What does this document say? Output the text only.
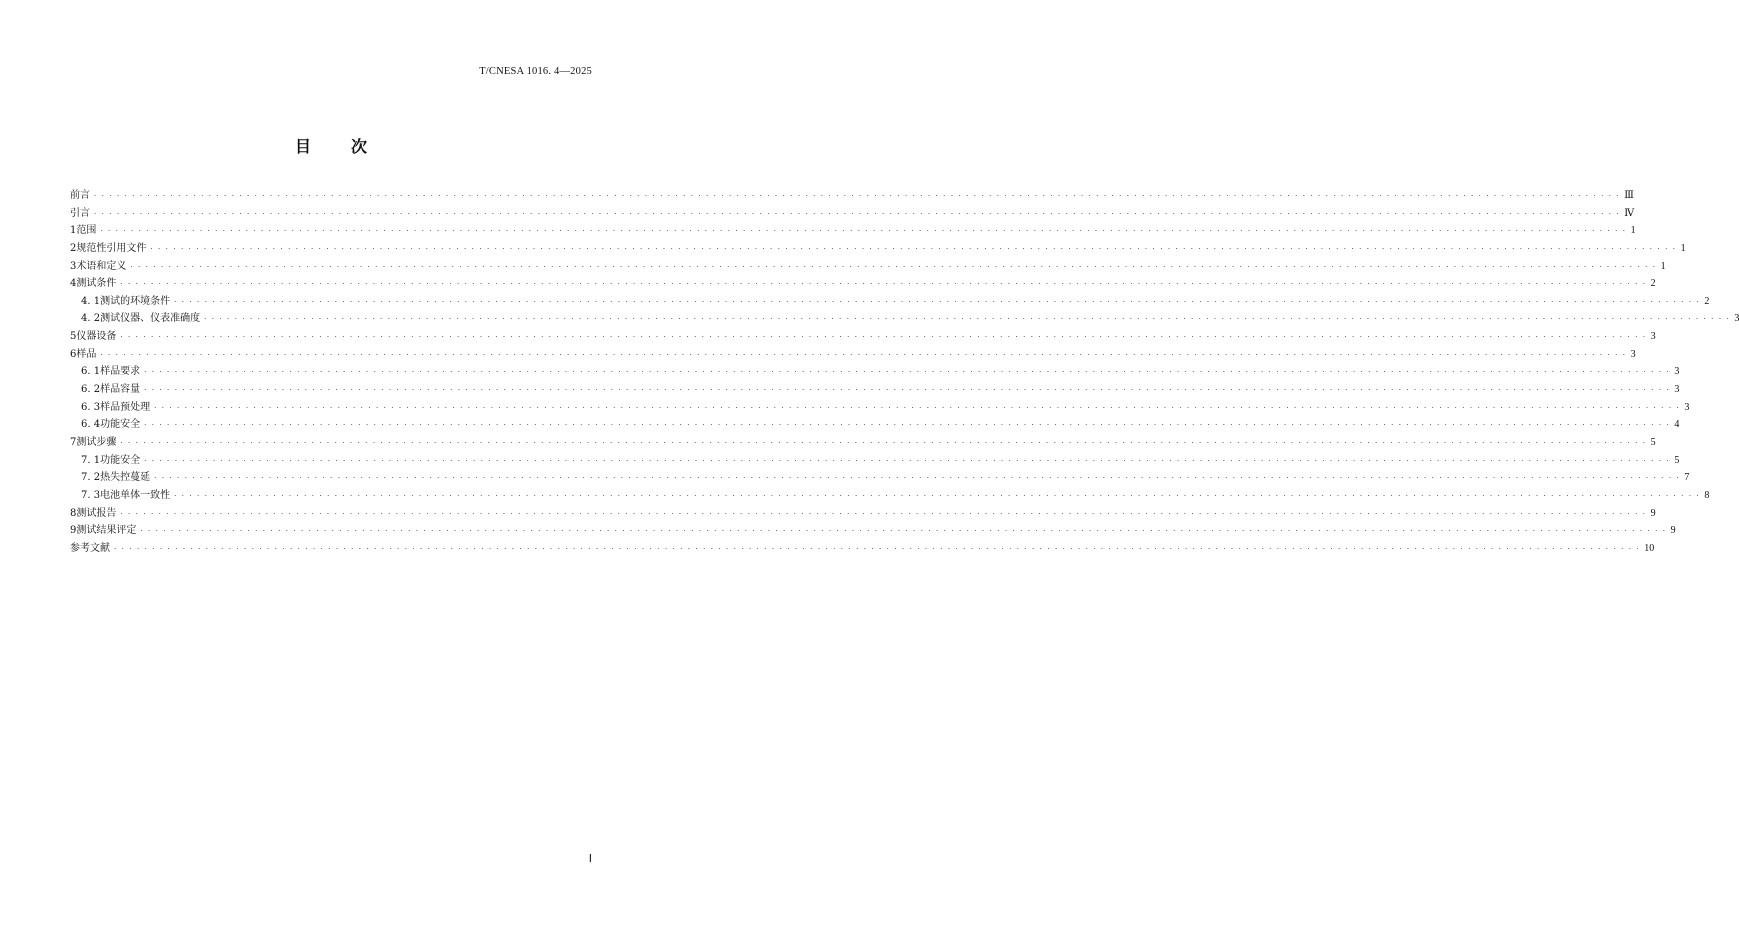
T/CNESA 1016. 4—2025
目次
前言 · · · · · · · · · · · · · · · · · · · · · · · · · · · · · · · · · · · · · · · · · · · · · · · · · · · · · · · · · · · · · · · · · · · · · · · · · · · · · · · · · · · · · · · · · · · · · · · · · · · · · · · · · · · · · · · · · · · · · · · · · · · · · · · · · · · · · · · · · · · · · · · · · · · · · · · · · · · · · · · · · · · · · · · · · · · · · · · · · · · · · · · · · · · · · · · · · · · · · · · · Ⅲ
引言 · · · · · · · · · · · · · · · · · · · · · · · · · · · · · · · · · · · · · · · · · · · · · · · · · · · · · · · · · · · · · · · · · · · · · · · · · · · · · · · · · · · · · · · · · · · · · · · · · · · · · · · · · · · · · · · · · · · · · · · · · · · · · · · · · · · · · · · · · · · · · · · · · · · · · · · · · · · · · · · · · · · · · · · · · · · · · · · · · · · · · · · · · · · · · · · · · · · · · · · · Ⅳ
1 范围 · · · · · · · · · · · · · · · · · · · · · · · · · · · · · · · · · · · · · · · · · · · · · · · · · · · · · · · · · · · · · · · · · · · · · · · · · · · · · · · · · · · · · · · · · · · · · · · · · · · · · · · · · · · · · · · · · · · · · · · · · · · · · · · · · · · · · · · · · · · · · · · · · · · · · · · · · · · · · · · · · · · · · · · · · · · · · · · · · · · · · · · · · · · · · · · · · · · · · · · · 1
2 规范性引用文件 · · · · · · · · · · · · · · · · · · · · · · · · · · · · · · · · · · · · · · · · · · · · · · · · · · · · · · · · · · · · · · · · · · · · · · · · · · · · · · · · · · · · · · · · · · · · · · · · · · · · · · · · · · · · · · · · · · · · · · · · · · · · · · · · · · · · · · · · · · · · · · · · · · · · · · · · · · · · · · · · · · · · · · · · · · · · · · · · · · · · · · · · · · · · · · · · · · · · · · · · 1
3 术语和定义 · · · · · · · · · · · · · · · · · · · · · · · · · · · · · · · · · · · · · · · · · · · · · · · · · · · · · · · · · · · · · · · · · · · · · · · · · · · · · · · · · · · · · · · · · · · · · · · · · · · · · · · · · · · · · · · · · · · · · · · · · · · · · · · · · · · · · · · · · · · · · · · · · · · · · · · · · · · · · · · · · · · · · · · · · · · · · · · · · · · · · · · · · · · · · · · · · · · · · · · · 1
4 测试条件 · · · · · · · · · · · · · · · · · · · · · · · · · · · · · · · · · · · · · · · · · · · · · · · · · · · · · · · · · · · · · · · · · · · · · · · · · · · · · · · · · · · · · · · · · · · · · · · · · · · · · · · · · · · · · · · · · · · · · · · · · · · · · · · · · · · · · · · · · · · · · · · · · · · · · · · · · · · · · · · · · · · · · · · · · · · · · · · · · · · · · · · · · · · · · · · · · · · · · · · · 2
4. 1 测试的环境条件 · · · · · · · · · · · · · · · · · · · · · · · · · · · · · · · · · · · · · · · · · · · · · · · · · · · · · · · · · · · · · · · · · · · · · · · · · · · · · · · · · · · · · · · · · · · · · · · · · · · · · · · · · · · · · · · · · · · · · · · · · · · · · · · · · · · · · · · · · · · · · · · · · · · · · · · · · · · · · · · · · · · · · · · · · · · · · · · · · · · · · · · · · · · · · · · · · · · · · · · · 2
4. 2 测试仪器、仪表准确度 · · · · · · · · · · · · · · · · · · · · · · · · · · · · · · · · · · · · · · · · · · · · · · · · · · · · · · · · · · · · · · · · · · · · · · · · · · · · · · · · · · · · · · · · · · · · · · · · · · · · · · · · · · · · · · · · · · · · · · · · · · · · · · · · · · · · · · · · · · · · · · · · · · · · · · · · · · · · · · · · · · · · · · · · · · · · · · · · · · · · · · · · · · · · · · · · · · · · · · · · 3
5 仪器设备 · · · · · · · · · · · · · · · · · · · · · · · · · · · · · · · · · · · · · · · · · · · · · · · · · · · · · · · · · · · · · · · · · · · · · · · · · · · · · · · · · · · · · · · · · · · · · · · · · · · · · · · · · · · · · · · · · · · · · · · · · · · · · · · · · · · · · · · · · · · · · · · · · · · · · · · · · · · · · · · · · · · · · · · · · · · · · · · · · · · · · · · · · · · · · · · · · · · · · · · · 3
6 样品 · · · · · · · · · · · · · · · · · · · · · · · · · · · · · · · · · · · · · · · · · · · · · · · · · · · · · · · · · · · · · · · · · · · · · · · · · · · · · · · · · · · · · · · · · · · · · · · · · · · · · · · · · · · · · · · · · · · · · · · · · · · · · · · · · · · · · · · · · · · · · · · · · · · · · · · · · · · · · · · · · · · · · · · · · · · · · · · · · · · · · · · · · · · · · · · · · · · · · · · · 3
6. 1 样品要求 · · · · · · · · · · · · · · · · · · · · · · · · · · · · · · · · · · · · · · · · · · · · · · · · · · · · · · · · · · · · · · · · · · · · · · · · · · · · · · · · · · · · · · · · · · · · · · · · · · · · · · · · · · · · · · · · · · · · · · · · · · · · · · · · · · · · · · · · · · · · · · · · · · · · · · · · · · · · · · · · · · · · · · · · · · · · · · · · · · · · · · · · · · · · · · · · · · · · · · · · 3
6. 2 样品容量 · · · · · · · · · · · · · · · · · · · · · · · · · · · · · · · · · · · · · · · · · · · · · · · · · · · · · · · · · · · · · · · · · · · · · · · · · · · · · · · · · · · · · · · · · · · · · · · · · · · · · · · · · · · · · · · · · · · · · · · · · · · · · · · · · · · · · · · · · · · · · · · · · · · · · · · · · · · · · · · · · · · · · · · · · · · · · · · · · · · · · · · · · · · · · · · · · · · · · · · · 3
6. 3 样品预处理 · · · · · · · · · · · · · · · · · · · · · · · · · · · · · · · · · · · · · · · · · · · · · · · · · · · · · · · · · · · · · · · · · · · · · · · · · · · · · · · · · · · · · · · · · · · · · · · · · · · · · · · · · · · · · · · · · · · · · · · · · · · · · · · · · · · · · · · · · · · · · · · · · · · · · · · · · · · · · · · · · · · · · · · · · · · · · · · · · · · · · · · · · · · · · · · · · · · · · · · · 3
6. 4 功能安全 · · · · · · · · · · · · · · · · · · · · · · · · · · · · · · · · · · · · · · · · · · · · · · · · · · · · · · · · · · · · · · · · · · · · · · · · · · · · · · · · · · · · · · · · · · · · · · · · · · · · · · · · · · · · · · · · · · · · · · · · · · · · · · · · · · · · · · · · · · · · · · · · · · · · · · · · · · · · · · · · · · · · · · · · · · · · · · · · · · · · · · · · · · · · · · · · · · · · · · · · 4
7 测试步骤 · · · · · · · · · · · · · · · · · · · · · · · · · · · · · · · · · · · · · · · · · · · · · · · · · · · · · · · · · · · · · · · · · · · · · · · · · · · · · · · · · · · · · · · · · · · · · · · · · · · · · · · · · · · · · · · · · · · · · · · · · · · · · · · · · · · · · · · · · · · · · · · · · · · · · · · · · · · · · · · · · · · · · · · · · · · · · · · · · · · · · · · · · · · · · · · · · · · · · · · · 5
7. 1 功能安全 · · · · · · · · · · · · · · · · · · · · · · · · · · · · · · · · · · · · · · · · · · · · · · · · · · · · · · · · · · · · · · · · · · · · · · · · · · · · · · · · · · · · · · · · · · · · · · · · · · · · · · · · · · · · · · · · · · · · · · · · · · · · · · · · · · · · · · · · · · · · · · · · · · · · · · · · · · · · · · · · · · · · · · · · · · · · · · · · · · · · · · · · · · · · · · · · · · · · · · · · 5
7. 2 热失控蔓延 · · · · · · · · · · · · · · · · · · · · · · · · · · · · · · · · · · · · · · · · · · · · · · · · · · · · · · · · · · · · · · · · · · · · · · · · · · · · · · · · · · · · · · · · · · · · · · · · · · · · · · · · · · · · · · · · · · · · · · · · · · · · · · · · · · · · · · · · · · · · · · · · · · · · · · · · · · · · · · · · · · · · · · · · · · · · · · · · · · · · · · · · · · · · · · · · · · · · · · · · 7
7. 3 电池单体一致性 · · · · · · · · · · · · · · · · · · · · · · · · · · · · · · · · · · · · · · · · · · · · · · · · · · · · · · · · · · · · · · · · · · · · · · · · · · · · · · · · · · · · · · · · · · · · · · · · · · · · · · · · · · · · · · · · · · · · · · · · · · · · · · · · · · · · · · · · · · · · · · · · · · · · · · · · · · · · · · · · · · · · · · · · · · · · · · · · · · · · · · · · · · · · · · · · · · · · · · · · 8
8 测试报告 · · · · · · · · · · · · · · · · · · · · · · · · · · · · · · · · · · · · · · · · · · · · · · · · · · · · · · · · · · · · · · · · · · · · · · · · · · · · · · · · · · · · · · · · · · · · · · · · · · · · · · · · · · · · · · · · · · · · · · · · · · · · · · · · · · · · · · · · · · · · · · · · · · · · · · · · · · · · · · · · · · · · · · · · · · · · · · · · · · · · · · · · · · · · · · · · · · · · · · · · 9
9 测试结果评定 · · · · · · · · · · · · · · · · · · · · · · · · · · · · · · · · · · · · · · · · · · · · · · · · · · · · · · · · · · · · · · · · · · · · · · · · · · · · · · · · · · · · · · · · · · · · · · · · · · · · · · · · · · · · · · · · · · · · · · · · · · · · · · · · · · · · · · · · · · · · · · · · · · · · · · · · · · · · · · · · · · · · · · · · · · · · · · · · · · · · · · · · · · · · · · · · · · · · · · · · 9
参考文献 · · · · · · · · · · · · · · · · · · · · · · · · · · · · · · · · · · · · · · · · · · · · · · · · · · · · · · · · · · · · · · · · · · · · · · · · · · · · · · · · · · · · · · · · · · · · · · · · · · · · · · · · · · · · · · · · · · · · · · · · · · · · · · · · · · · · · · · · · · · · · · · · · · · · · · · · · · · · · · · · · · · · · · · · · · · · · · · · · · · · · · · · · · · · · · · · · · · · · · · · 10
Ⅰ
